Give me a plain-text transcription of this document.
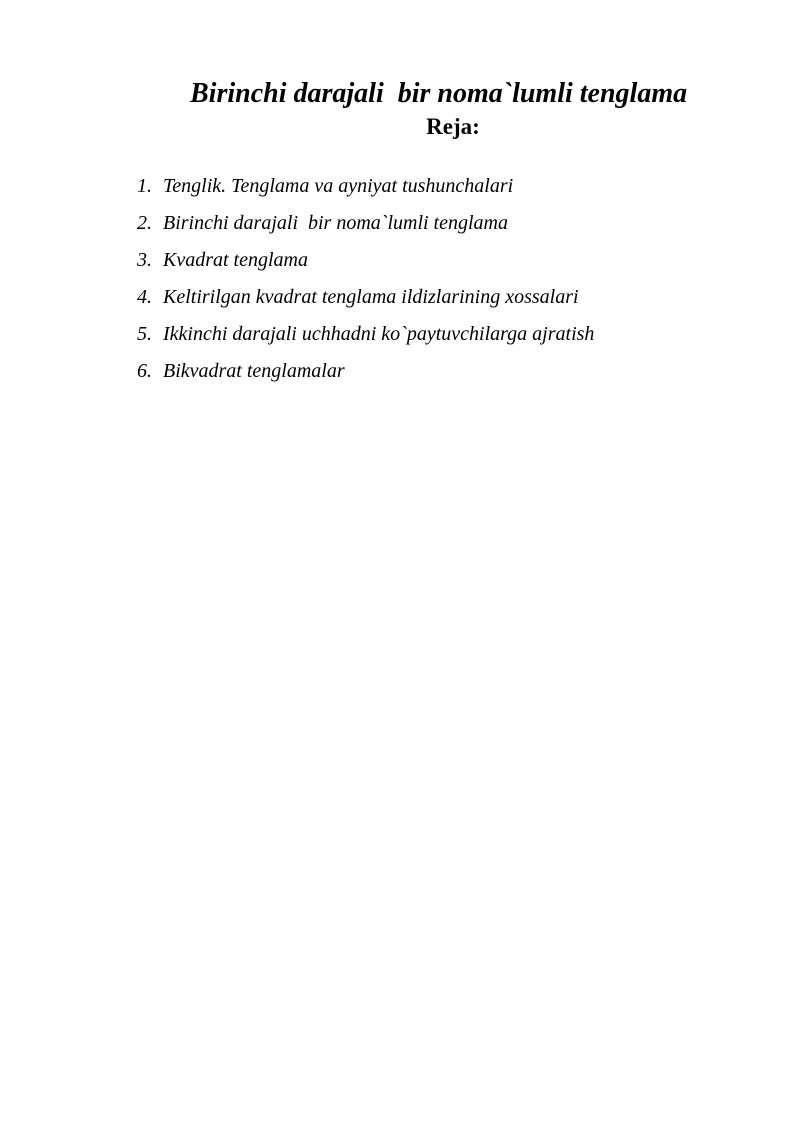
Birinchi darajali  bir noma`lumli tenglama
Reja:
1. Tenglik. Tenglama va ayniyat tushunchalari
2. Birinchi darajali  bir noma`lumli tenglama
3. Kvadrat tenglama
4. Keltirilgan kvadrat tenglama ildizlarining xossalari
5. Ikkinchi darajali uchhadni ko`paytuvchilarga ajratish
6. Bikvadrat tenglamalar
